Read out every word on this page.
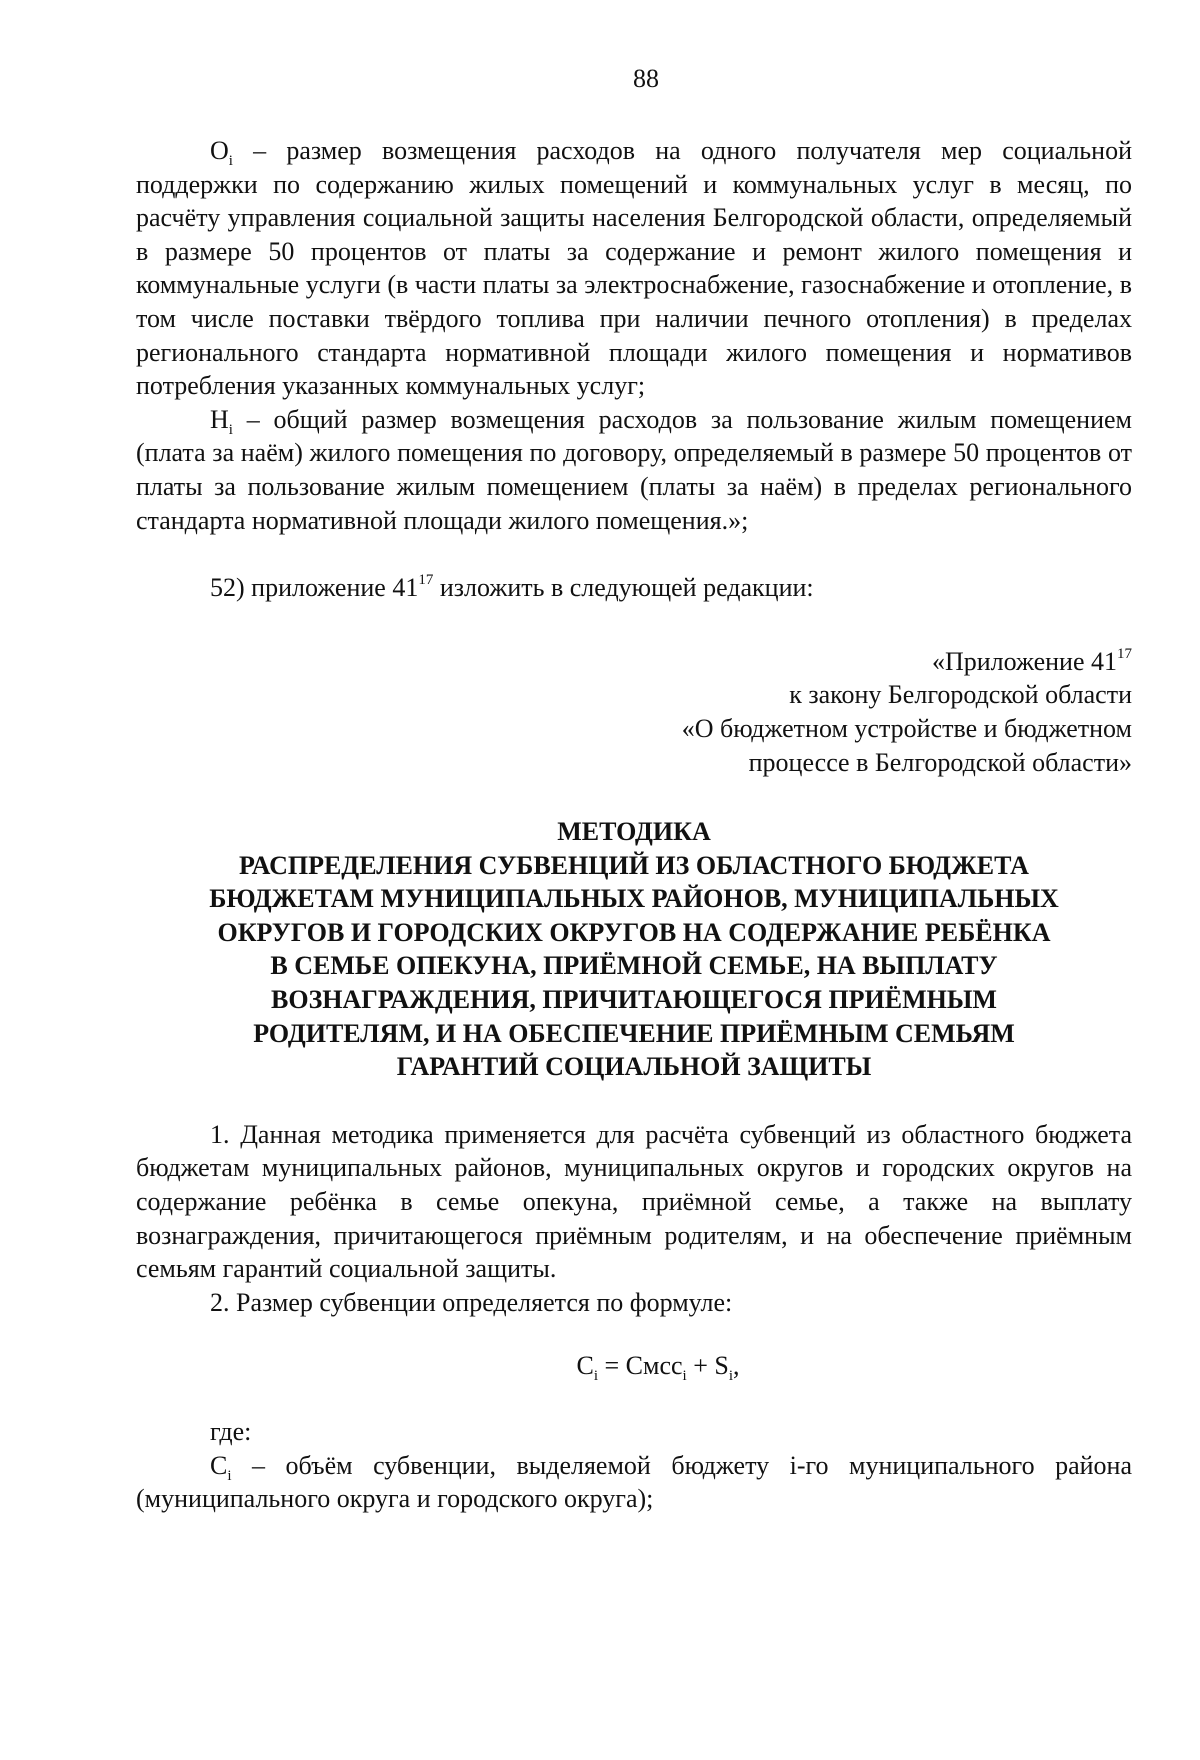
88

$О_i$ – размер возмещения расходов на одного получателя мер социальной поддержки по содержанию жилых помещений и коммунальных услуг в месяц, по расчёту управления социальной защиты населения Белгородской области, определяемый в размере 50 процентов от платы за содержание и ремонт жилого помещения и коммунальные услуги (в части платы за электроснабжение, газоснабжение и отопление, в том числе поставки твёрдого топлива при наличии печного отопления) в пределах регионального стандарта нормативной площади жилого помещения и нормативов потребления указанных коммунальных услуг;

$Н_i$ – общий размер возмещения расходов за пользование жилым помещением (плата за наём) жилого помещения по договору, определяемый в размере 50 процентов от платы за пользование жилым помещением (платы за наём) в пределах регионального стандарта нормативной площади жилого помещения.»;

52) приложение $41^{17}$ изложить в следующей редакции:

«Приложение $41^{17}$
к закону Белгородской области
«О бюджетном устройстве и бюджетном
процессе в Белгородской области»
МЕТОДИКА
РАСПРЕДЕЛЕНИЯ СУБВЕНЦИЙ ИЗ ОБЛАСТНОГО БЮДЖЕТА
БЮДЖЕТАМ МУНИЦИПАЛЬНЫХ РАЙОНОВ, МУНИЦИПАЛЬНЫХ
ОКРУГОВ И ГОРОДСКИХ ОКРУГОВ НА СОДЕРЖАНИЕ РЕБЁНКА
В СЕМЬЕ ОПЕКУНА, ПРИЁМНОЙ СЕМЬЕ, НА ВЫПЛАТУ
ВОЗНАГРАЖДЕНИЯ, ПРИЧИТАЮЩЕГОСЯ ПРИЁМНЫМ
РОДИТЕЛЯМ, И НА ОБЕСПЕЧЕНИЕ ПРИЁМНЫМ СЕМЬЯМ
ГАРАНТИЙ СОЦИАЛЬНОЙ ЗАЩИТЫ

1. Данная методика применяется для расчёта субвенций из областного бюджета бюджетам муниципальных районов, муниципальных округов и городских округов на содержание ребёнка в семье опекуна, приёмной семье, а также на выплату вознаграждения, причитающегося приёмным родителям, и на обеспечение приёмным семьям гарантий социальной защиты.

2. Размер субвенции определяется по формуле:

$C_i$ = Смсс$_i$ + $S_i$,

где:

$C_i$ – объём субвенции, выделяемой бюджету i-го муниципального района (муниципального округа и городского округа);
